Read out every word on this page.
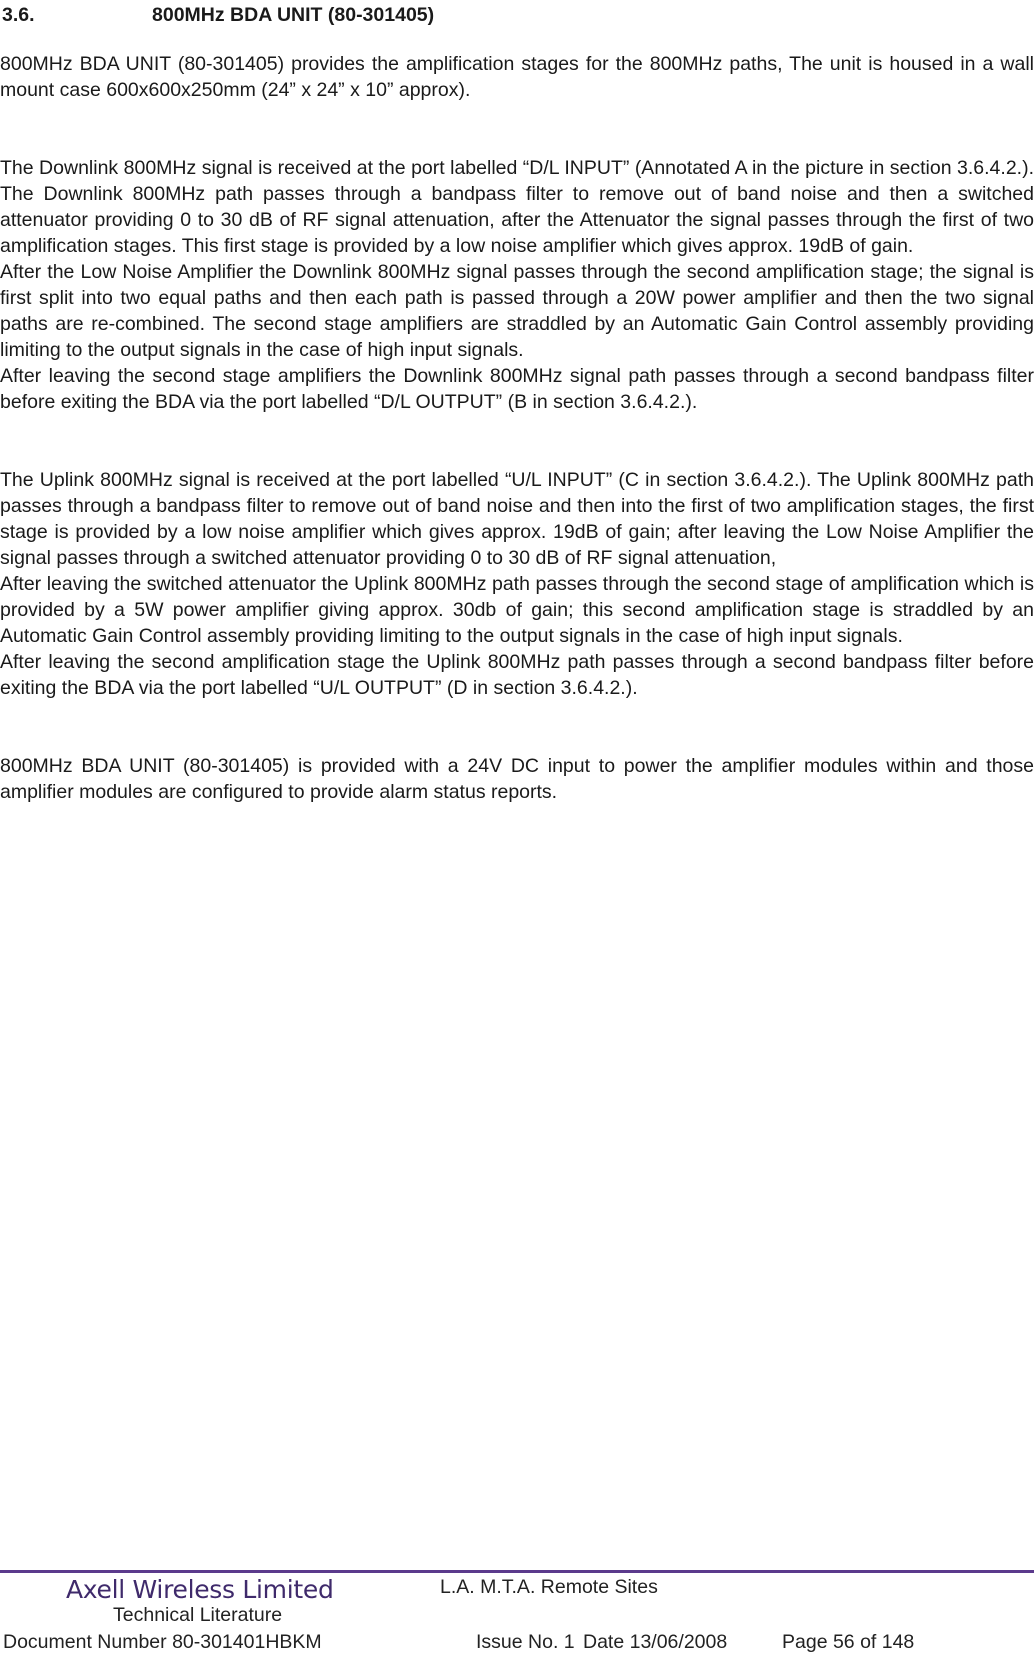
3.6.	800MHz BDA UNIT (80-301405)

800MHz BDA UNIT (80-301405) provides the amplification stages for the 800MHz paths, The unit is housed in a wall mount case 600x600x250mm (24” x 24” x 10” approx).

The Downlink 800MHz signal is received at the port labelled “D/L INPUT” (Annotated A in the picture in section 3.6.4.2.). The Downlink 800MHz path passes through a bandpass filter to remove out of band noise and then a switched attenuator providing 0 to 30 dB of RF signal attenuation, after the Attenuator the signal passes through the first of two amplification stages. This first stage is provided by a low noise amplifier which gives approx. 19dB of gain.

After the Low Noise Amplifier the Downlink 800MHz signal passes through the second amplification stage; the signal is first split into two equal paths and then each path is passed through a 20W power amplifier and then the two signal paths are re-combined. The second stage amplifiers are straddled by an Automatic Gain Control assembly providing limiting to the output signals in the case of high input signals.

After leaving the second stage amplifiers the Downlink 800MHz signal path passes through a second bandpass filter before exiting the BDA via the port labelled “D/L OUTPUT” (B in section 3.6.4.2.).

The Uplink 800MHz signal is received at the port labelled “U/L INPUT” (C in section 3.6.4.2.). The Uplink 800MHz path passes through a bandpass filter to remove out of band noise and then into the first of two amplification stages, the first stage is provided by a low noise amplifier which gives approx. 19dB of gain; after leaving the Low Noise Amplifier the signal passes through a switched attenuator providing 0 to 30 dB of RF signal attenuation,

After leaving the switched attenuator the Uplink 800MHz path passes through the second stage of amplification which is provided by a 5W power amplifier giving approx. 30db of gain; this second amplification stage is straddled by an Automatic Gain Control assembly providing limiting to the output signals in the case of high input signals.

After leaving the second amplification stage the Uplink 800MHz path passes through a second bandpass filter before exiting the BDA via the port labelled “U/L OUTPUT” (D in section 3.6.4.2.).

800MHz BDA UNIT (80-301405) is provided with a 24V DC input to power the amplifier modules within and those amplifier modules are configured to provide alarm status reports.

Axell Wireless Limited	L.A. M.T.A. Remote Sites
Technical Literature
Document Number 80-301401HBKM	Issue No. 1 Date 13/06/2008	Page 56 of 148
